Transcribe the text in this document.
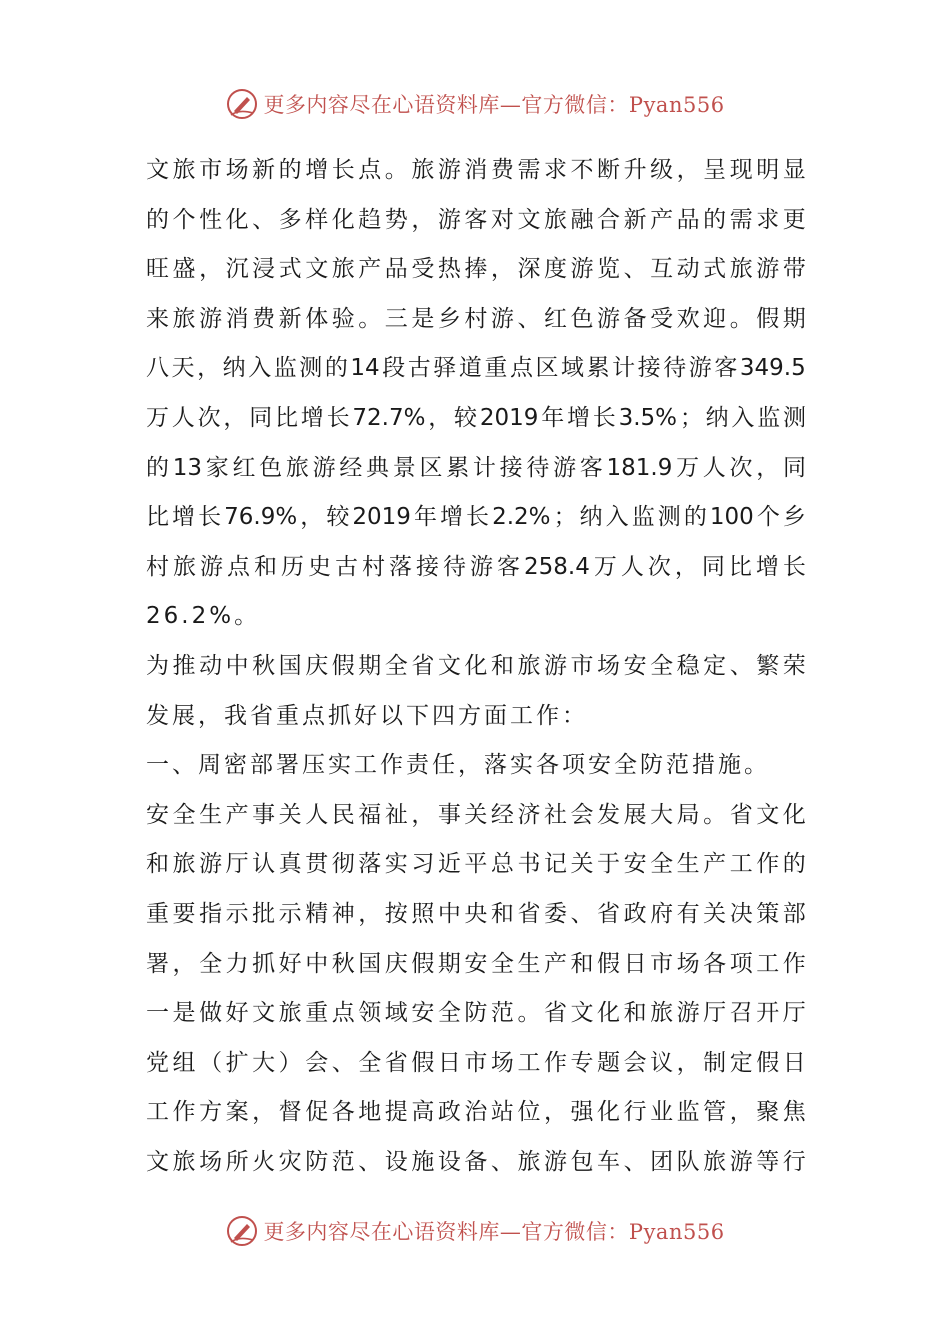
更多内容尽在心语资料库—官方微信：Pyan556
文 旅 市 场 新 的 增 长 点 。 旅 游 消 费 需 求 不 断 升 级 ， 呈 现 明 显
的 个 性 化 、 多 样 化 趋 势 ， 游 客 对 文 旅 融 合 新 产 品 的 需 求 更
旺 盛 ， 沉 浸 式 文 旅 产 品 受 热 捧 ， 深 度 游 览 、 互 动 式 旅 游 带
来 旅 游 消 费 新 体 验 。 三 是 乡 村 游 、 红 色 游 备 受 欢 迎 。 假 期
八 天 ， 纳 入 监 测 的 14 段 古 驿 道 重 点 区 域 累 计 接 待 游 客 349.5
万 人 次 ， 同 比 增 长 72.7% ， 较 2019 年 增 长 3.5% ； 纳 入 监 测
的 13 家 红 色 旅 游 经 典 景 区 累 计 接 待 游 客 181.9 万 人 次 ， 同
比 增 长 76.9% ， 较 2019 年 增 长 2.2% ； 纳 入 监 测 的 100 个 乡
村 旅 游 点 和 历 史 古 村 落 接 待 游 客 258.4 万 人 次 ， 同 比 增 长
26.2%。
为 推 动 中 秋 国 庆 假 期 全 省 文 化 和 旅 游 市 场 安 全 稳 定 、 繁 荣
发展，我省重点抓好以下四方面工作：
一、周密部署压实工作责任，落实各项安全防范措施。
安 全 生 产 事 关 人 民 福 祉 ， 事 关 经 济 社 会 发 展 大 局 。 省 文 化
和 旅 游 厅 认 真 贯 彻 落 实 习 近 平 总 书 记 关 于 安 全 生 产 工 作 的
重 要 指 示 批 示 精 神 ， 按 照 中 央 和 省 委 、 省 政 府 有 关 决 策 部
署 ， 全 力 抓 好 中 秋 国 庆 假 期 安 全 生 产 和 假 日 市 场 各 项 工 作
一 是 做 好 文 旅 重 点 领 域 安 全 防 范 。 省 文 化 和 旅 游 厅 召 开 厅
党 组 （ 扩 大 ） 会 、 全 省 假 日 市 场 工 作 专 题 会 议 ， 制 定 假 日
工 作 方 案 ， 督 促 各 地 提 高 政 治 站 位 ， 强 化 行 业 监 管 ， 聚 焦
文 旅 场 所 火 灾 防 范 、 设 施 设 备 、 旅 游 包 车 、 团 队 旅 游 等 行
更多内容尽在心语资料库—官方微信：Pyan556
